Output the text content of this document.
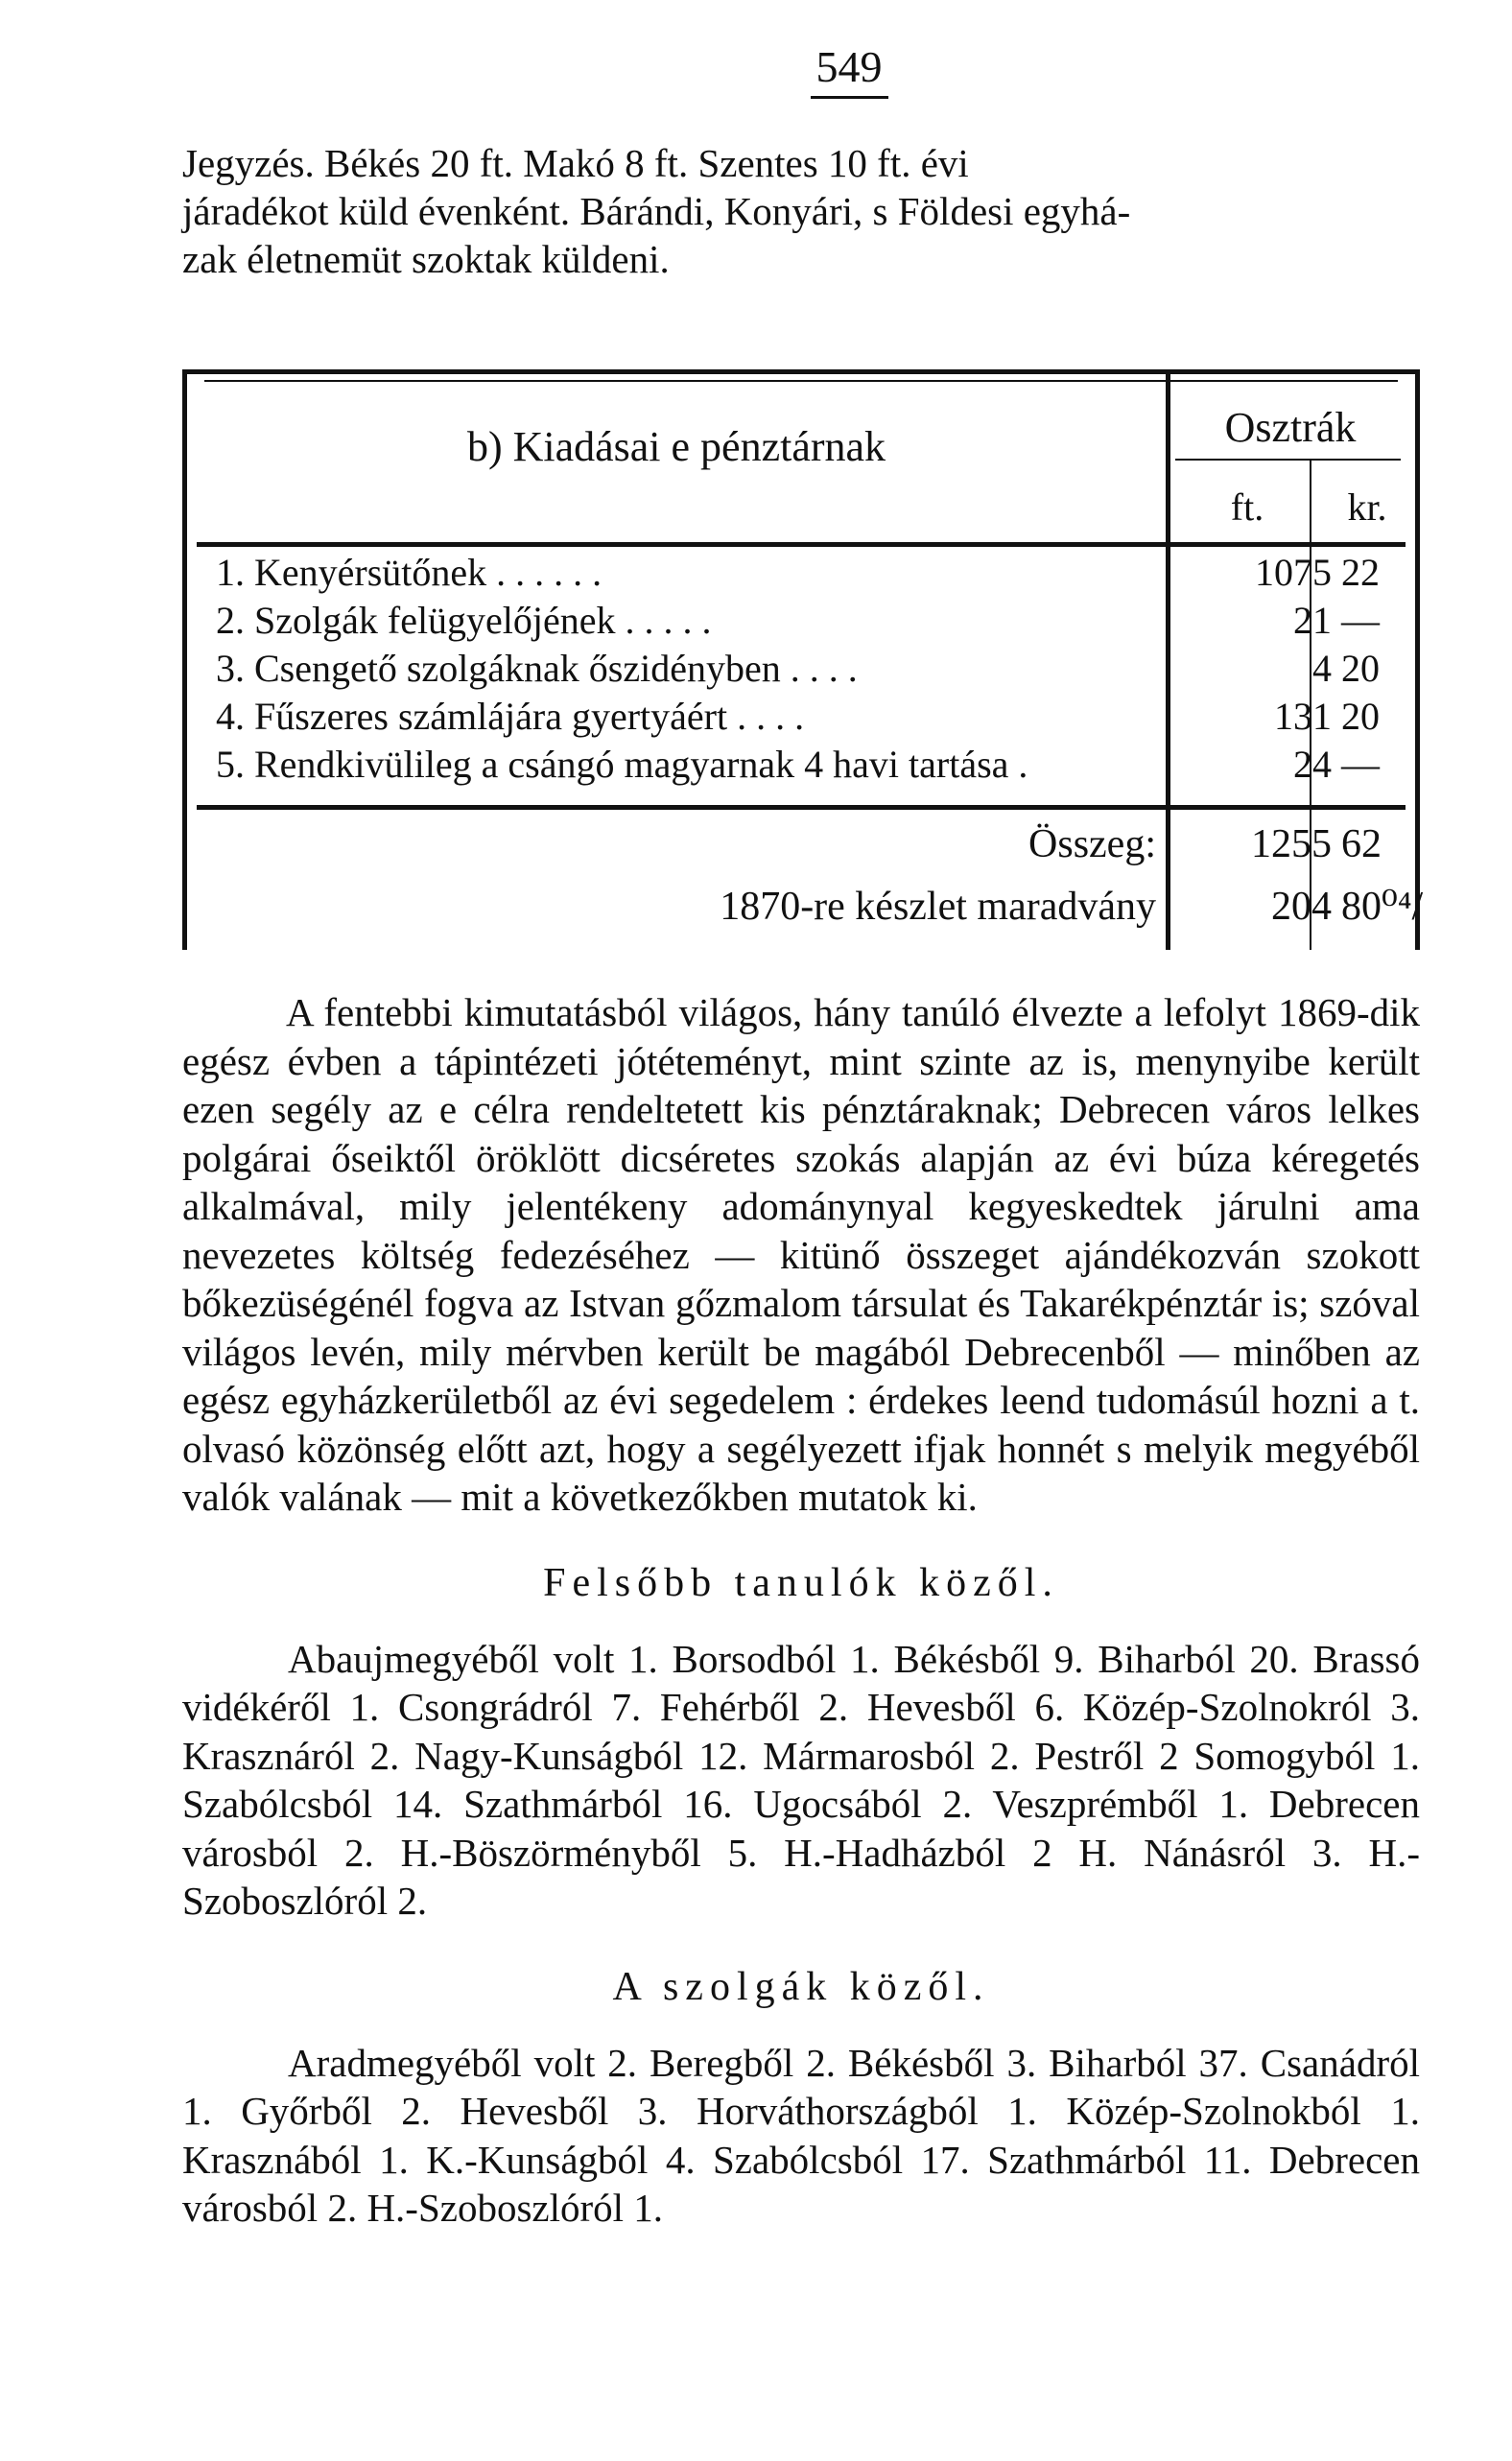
549
Jegyzés. Békés 20 ft. Makó 8 ft. Szentes 10 ft. évi
járadékot küld évenként. Bárándi, Konyári, s Földesi egyhá-
zak életnemüt szoktak küldeni.
b) Kiadásai e pénztárnak	Osztrák
ft.	kr.
1. Kenyérsütőnek . . . . . .	1075 22
2. Szolgák felügyelőjének . . . . .	21 —
3. Csengető szolgáknak őszidényben . . . .	4 20
4. Fűszeres számlájára gyertyáért . . . .	131 20
5. Rendkivülileg a csángó magyarnak 4 havi tartása .	24 —
Összeg:	1255 62
1870-re készlet maradvány	204 80⁰⁴/

A fentebbi kimutatásból világos, hány tanúló élvezte a lefolyt 1869-dik egész évben a tápintézeti jótéteményt, mint szinte az is, menynyibe került ezen segély az e célra rendeltetett kis pénztáraknak; Debrecen város lelkes polgárai őseiktől öröklött dicséretes szokás alapján az évi búza kéregetés alkalmával, mily jelentékeny adománynyal kegyeskedtek járulni ama nevezetes költség fedezéséhez — kitünő összeget ajándékozván szokott bőkezüségénél fogva az Istvan gőzmalom társulat és Takarékpénztár is; szóval világos levén, mily mérvben került be magából Debrecenből — minőben az egész egyházkerületből az évi segedelem : érdekes leend tudomásúl hozni a t. olvasó közönség előtt azt, hogy a segélyezett ifjak honnét s melyik megyéből valók valának — mit a következőkben mutatok ki.

Felsőbb tanulók közől.

Abaujmegyéből volt 1. Borsodból 1. Békésből 9. Biharból 20. Brassó vidékéről 1. Csongrádról 7. Fehérből 2. Hevesből 6. Közép-Szolnokról 3. Krasznáról 2. Nagy-Kunságból 12. Mármarosból 2. Pestről 2 Somogyból 1. Szabólcsból 14. Szathmárból 16. Ugocsából 2. Veszprémből 1. Debrecen városból 2. H.-Böszörményből 5. H.-Hadházból 2 H. Nánásról 3. H.-Szoboszlóról 2.

A szolgák közől.

Aradmegyéből volt 2. Beregből 2. Békésből 3. Biharból 37. Csanádról 1. Győrből 2. Hevesből 3. Horváthországból 1. Közép-Szolnokból 1. Krasznából 1. K.-Kunságból 4. Szabólcsból 17. Szathmárból 11. Debrecen városból 2. H.-Szoboszlóról 1.
